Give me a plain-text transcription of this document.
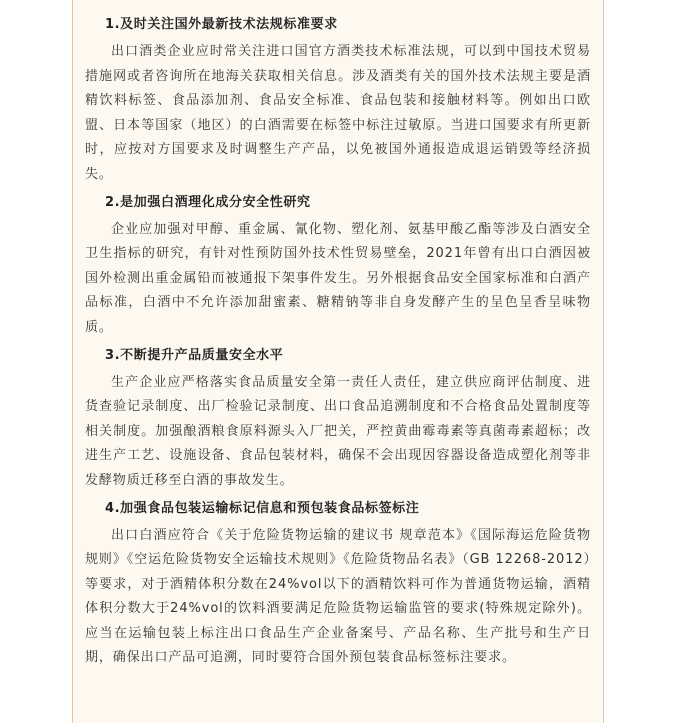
1.及时关注国外最新技术法规标准要求

出口酒类企业应时常关注进口国官方酒类技术标准法规，可以到中国技术贸易措施网或者咨询所在地海关获取相关信息。涉及酒类有关的国外技术法规主要是酒精饮料标签、食品添加剂、食品安全标准、食品包装和接触材料等。例如出口欧盟、日本等国家（地区）的白酒需要在标签中标注过敏原。当进口国要求有所更新时，应按对方国要求及时调整生产产品，以免被国外通报造成退运销毁等经济损失。

2.是加强白酒理化成分安全性研究

企业应加强对甲醇、重金属、氰化物、塑化剂、氨基甲酸乙酯等涉及白酒安全卫生指标的研究，有针对性预防国外技术性贸易壁垒，2021年曾有出口白酒因被国外检测出重金属铅而被通报下架事件发生。另外根据食品安全国家标准和白酒产品标准，白酒中不允许添加甜蜜素、糖精钠等非自身发酵产生的呈色呈香呈味物质。

3.不断提升产品质量安全水平

生产企业应严格落实食品质量安全第一责任人责任，建立供应商评估制度、进货查验记录制度、出厂检验记录制度、出口食品追溯制度和不合格食品处置制度等相关制度。加强酿酒粮食原料源头入厂把关，严控黄曲霉毒素等真菌毒素超标；改进生产工艺、设施设备、食品包装材料，确保不会出现因容器设备造成塑化剂等非发酵物质迁移至白酒的事故发生。

4.加强食品包装运输标记信息和预包装食品标签标注

出口白酒应符合《关于危险货物运输的建议书 规章范本》《国际海运危险货物规则》《空运危险货物安全运输技术规则》《危险货物品名表》（GB 12268-2012）等要求，对于酒精体积分数在24%vol以下的酒精饮料可作为普通货物运输，酒精体积分数大于24%vol的饮料酒要满足危险货物运输监管的要求(特殊规定除外)。应当在运输包装上标注出口食品生产企业备案号、产品名称、生产批号和生产日期，确保出口产品可追溯，同时要符合国外预包装食品标签标注要求。
